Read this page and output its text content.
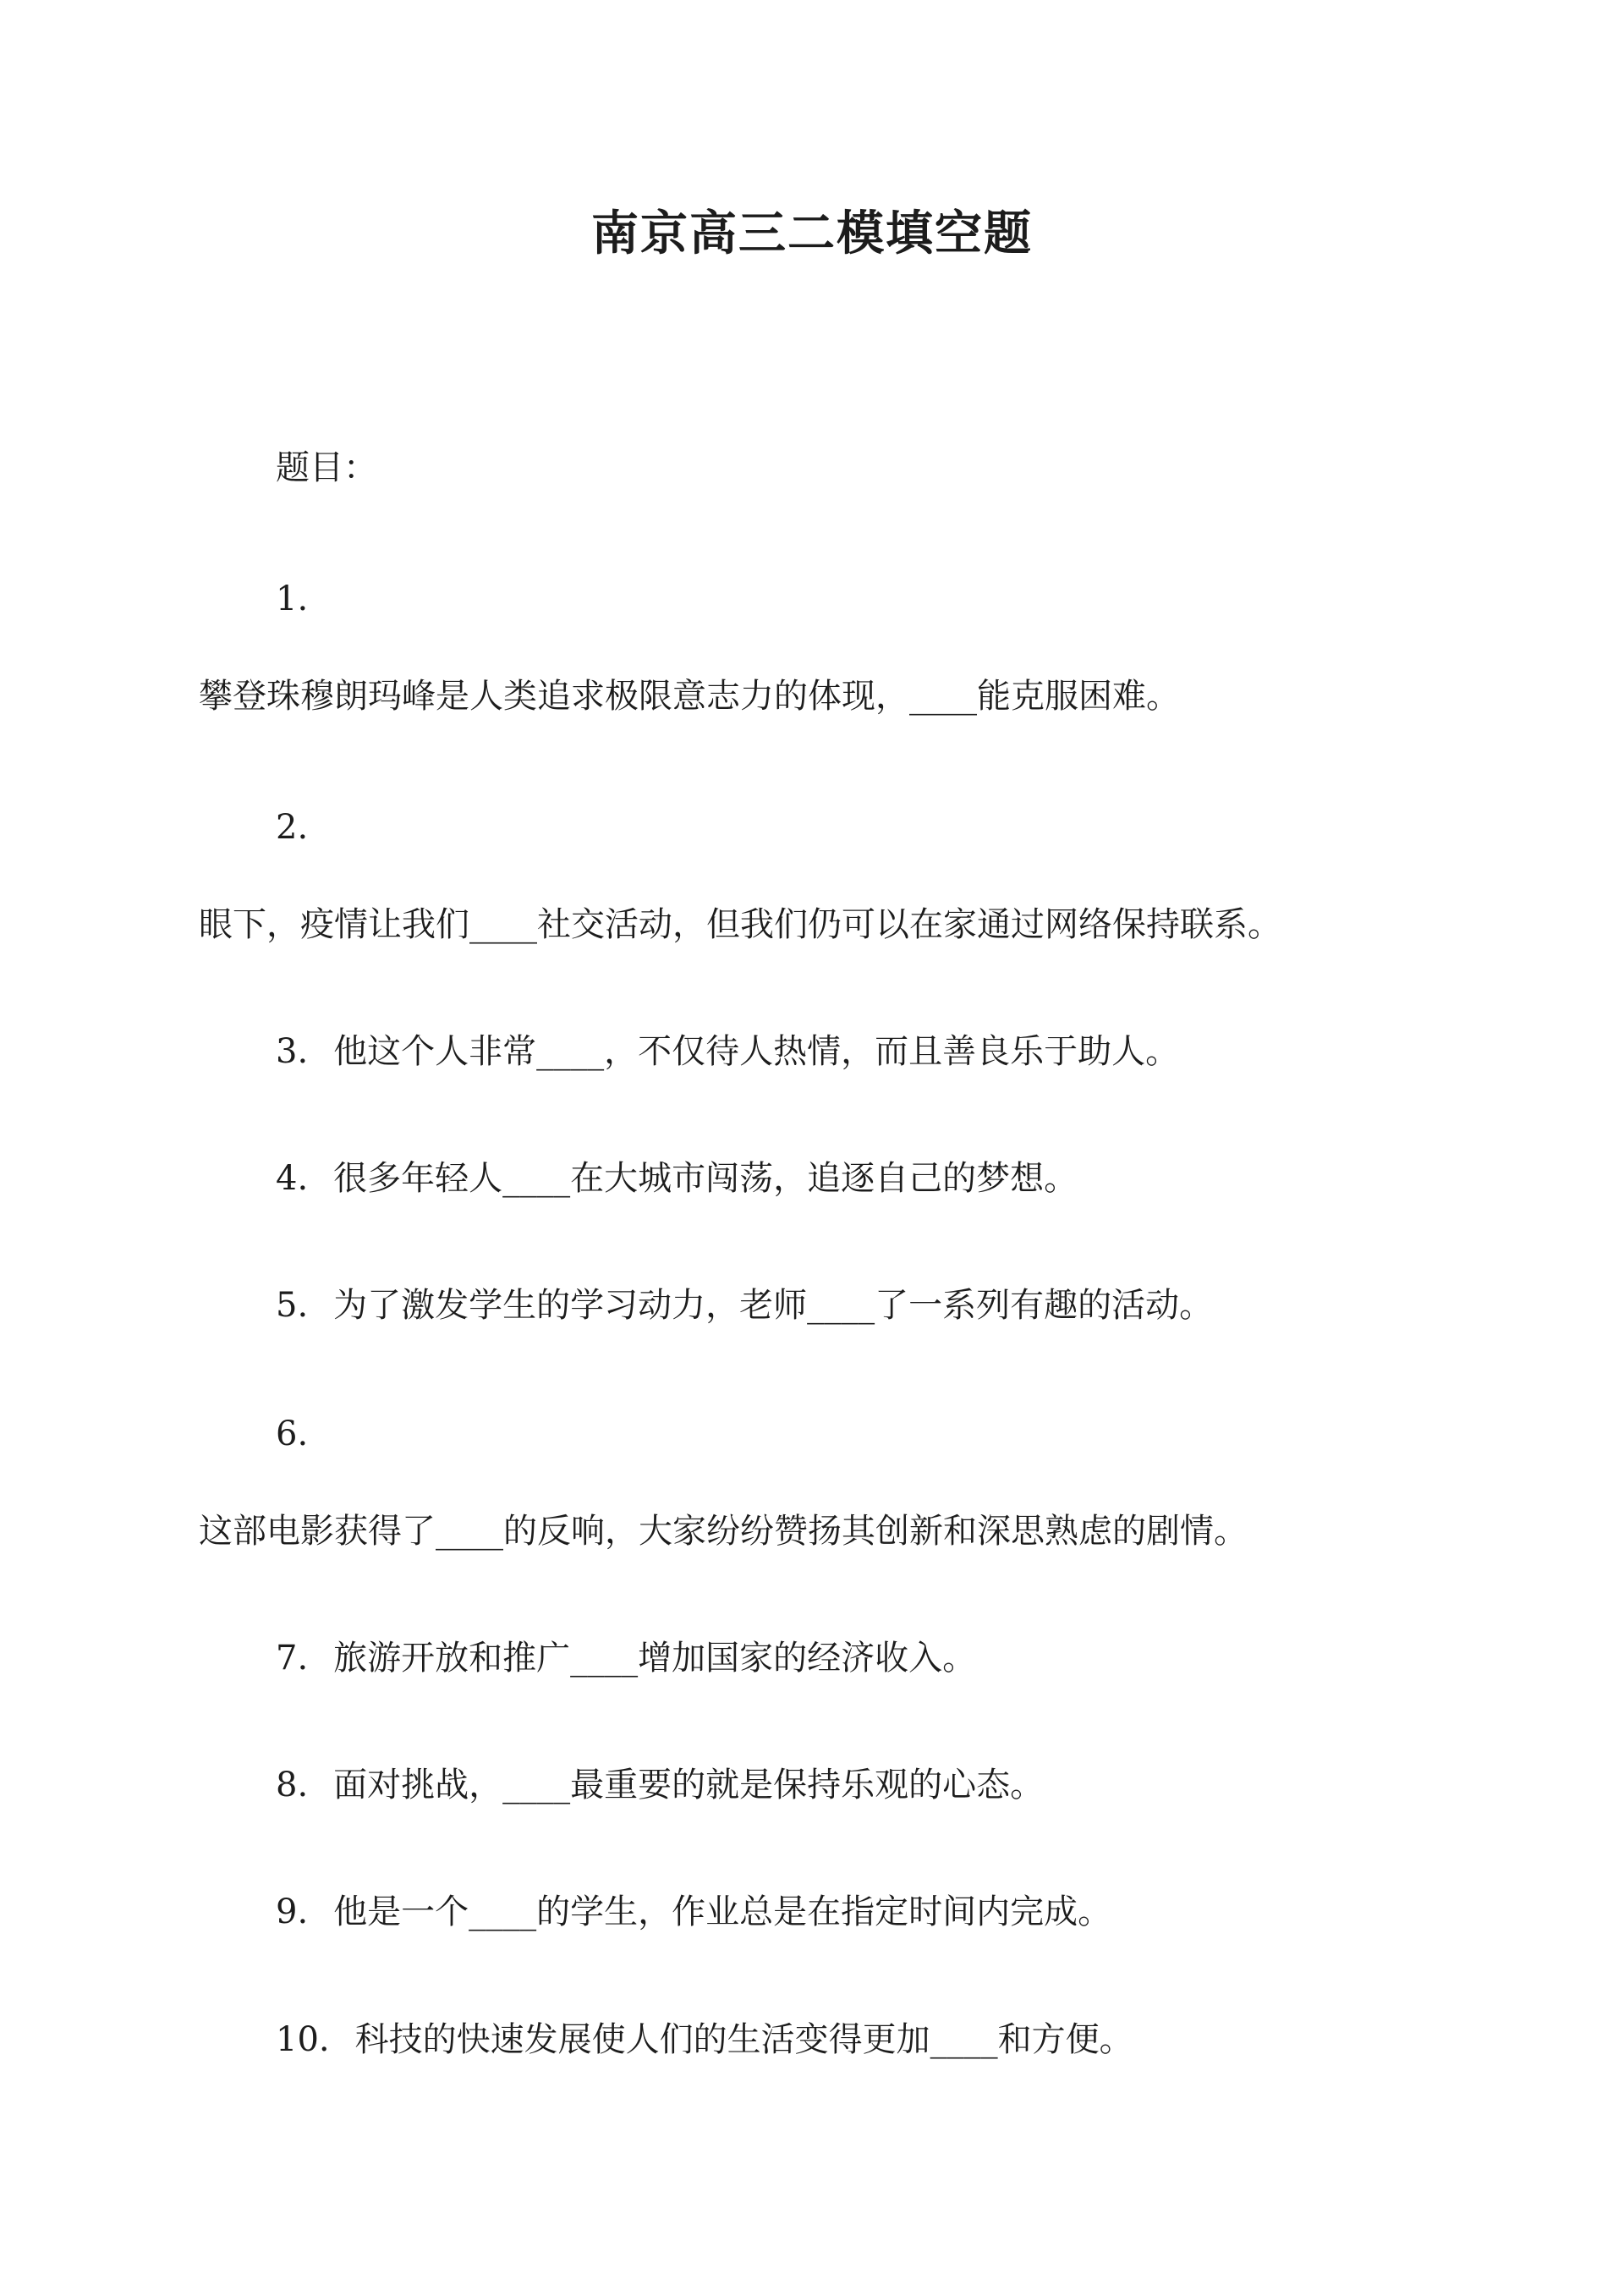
南京高三二模填空题
题目：
1.
攀登珠穆朗玛峰是人类追求极限意志力的体现，____能克服困难。
2.
眼下，疫情让我们____社交活动，但我们仍可以在家通过网络保持联系。
3. 他这个人非常____，不仅待人热情，而且善良乐于助人。
4. 很多年轻人____在大城市闯荡，追逐自己的梦想。
5. 为了激发学生的学习动力，老师____了一系列有趣的活动。
6.
这部电影获得了____的反响，大家纷纷赞扬其创新和深思熟虑的剧情。
7. 旅游开放和推广____增加国家的经济收入。
8. 面对挑战，____最重要的就是保持乐观的心态。
9. 他是一个____的学生，作业总是在指定时间内完成。
10. 科技的快速发展使人们的生活变得更加____和方便。
